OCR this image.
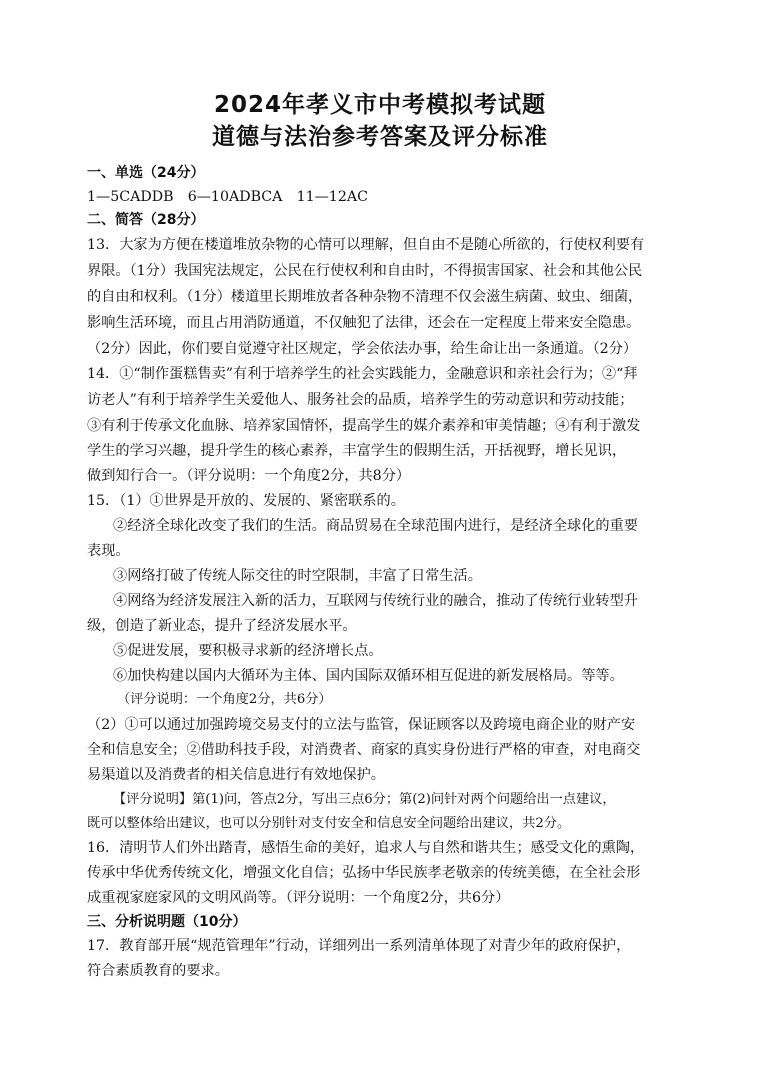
2024年孝义市中考模拟考试题
道德与法治参考答案及评分标准
一、单选（24分）
1—5CADDB　6—10ADBCA　11—12AC
二、简答（28分）
13．大家为方便在楼道堆放杂物的心情可以理解，但自由不是随心所欲的，行使权利要有
界限。（1分）我国宪法规定，公民在行使权利和自由时，不得损害国家、社会和其他公民
的自由和权利。（1分）楼道里长期堆放者各种杂物不清理不仅会滋生病菌、蚊虫、细菌，
影响生活环境，而且占用消防通道，不仅触犯了法律，还会在一定程度上带来安全隐患。
（2分）因此，你们要自觉遵守社区规定，学会依法办事，给生命让出一条通道。（2分）
14．①“制作蛋糕售卖”有利于培养学生的社会实践能力，金融意识和亲社会行为；②“拜
访老人”有利于培养学生关爱他人、服务社会的品质，培养学生的劳动意识和劳动技能；
③有利于传承文化血脉、培养家国情怀，提高学生的媒介素养和审美情趣；④有利于激发
学生的学习兴趣，提升学生的核心素养，丰富学生的假期生活，开括视野，增长见识，
做到知行合一。（评分说明：一个角度2分，共8分）
15．（1）①世界是开放的、发展的、紧密联系的。
②经济全球化改变了我们的生活。商品贸易在全球范围内进行，是经济全球化的重要
表现。
③网络打破了传统人际交往的时空限制，丰富了日常生活。
④网络为经济发展注入新的活力，互联网与传统行业的融合，推动了传统行业转型升
级，创造了新业态，提升了经济发展水平。
⑤促进发展，要积极寻求新的经济增长点。
⑥加快构建以国内大循环为主体、国内国际双循环相互促进的新发展格局。等等。
（评分说明：一个角度2分，共6分）
（2）①可以通过加强跨境交易支付的立法与监管，保证顾客以及跨境电商企业的财产安
全和信息安全；②借助科技手段，对消费者、商家的真实身份进行严格的审查，对电商交
易渠道以及消费者的相关信息进行有效地保护。
【评分说明】第(1)问，答点2分，写出三点6分；第(2)问针对两个问题给出一点建议，
既可以整体给出建议，也可以分别针对支付安全和信息安全问题给出建议，共2分。
16．清明节人们外出踏青，感悟生命的美好，追求人与自然和谐共生；感受文化的熏陶，
传承中华优秀传统文化，增强文化自信；弘扬中华民族孝老敬亲的传统美德，在全社会形
成重视家庭家风的文明风尚等。（评分说明：一个角度2分，共6分）
三、分析说明题（10分）
17．教育部开展“规范管理年”行动，详细列出一系列清单体现了对青少年的政府保护，
符合素质教育的要求。
